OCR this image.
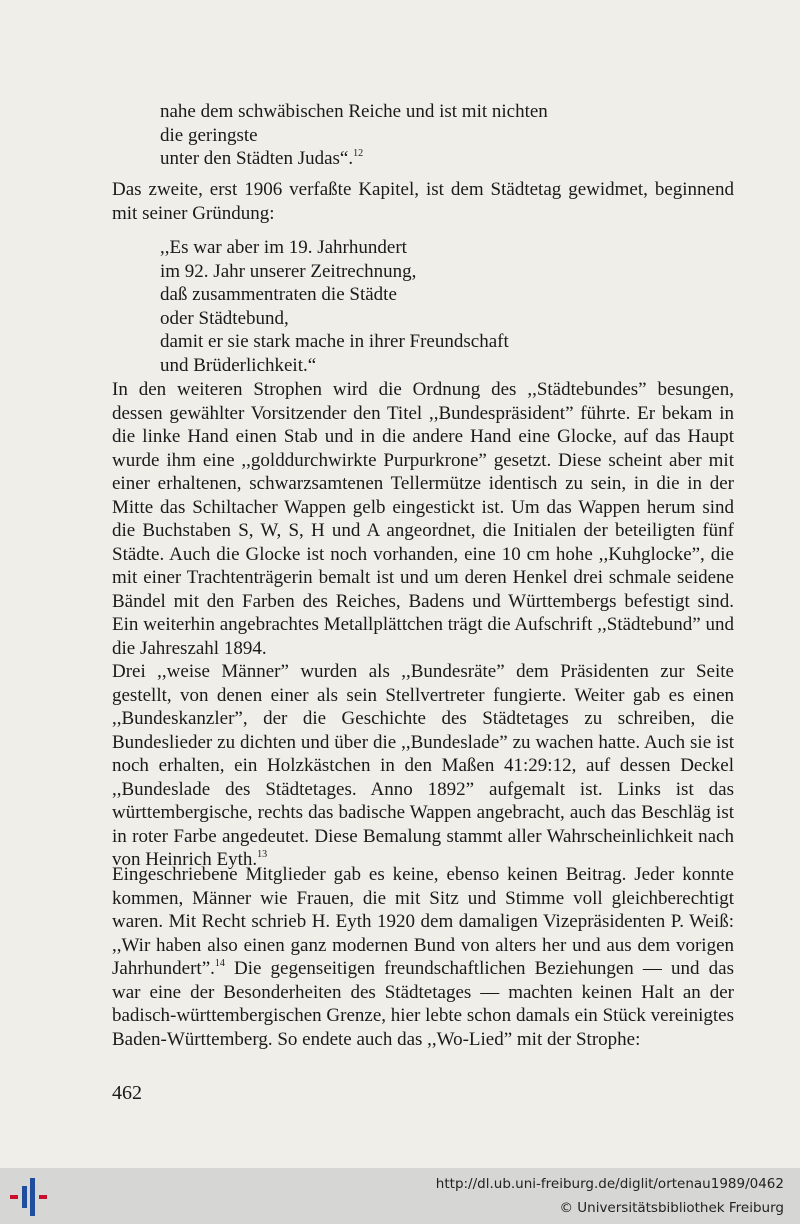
nahe dem schwäbischen Reiche und ist mit nichten
die geringste
unter den Städten Judas“.$^{12}$

Das zweite, erst 1906 verfaßte Kapitel, ist dem Städtetag gewidmet, beginnend mit seiner Gründung:

,,Es war aber im 19. Jahrhundert
im 92. Jahr unserer Zeitrechnung,
daß zusammentraten die Städte
oder Städtebund,
damit er sie stark mache in ihrer Freundschaft
und Brüderlichkeit.“

In den weiteren Strophen wird die Ordnung des ,,Städtebundes” besungen, dessen gewählter Vorsitzender den Titel ,,Bundespräsident” führte. Er bekam in die linke Hand einen Stab und in die andere Hand eine Glocke, auf das Haupt wurde ihm eine ,,golddurchwirkte Purpurkrone” gesetzt. Diese scheint aber mit einer erhaltenen, schwarzsamtenen Tellermütze identisch zu sein, in die in der Mitte das Schiltacher Wappen gelb eingestickt ist. Um das Wappen herum sind die Buchstaben S, W, S, H und A angeordnet, die Initialen der beteiligten fünf Städte. Auch die Glocke ist noch vorhanden, eine 10 cm hohe ,,Kuhglocke”, die mit einer Trachtenträgerin bemalt ist und um deren Henkel drei schmale seidene Bändel mit den Farben des Reiches, Badens und Württembergs befestigt sind. Ein weiterhin angebrachtes Metallplättchen trägt die Aufschrift ,,Städtebund” und die Jahreszahl 1894.

Drei ,,weise Männer” wurden als ,,Bundesräte” dem Präsidenten zur Seite gestellt, von denen einer als sein Stellvertreter fungierte. Weiter gab es einen ,,Bundeskanzler”, der die Geschichte des Städtetages zu schreiben, die Bundeslieder zu dichten und über die ,,Bundeslade” zu wachen hatte. Auch sie ist noch erhalten, ein Holzkästchen in den Maßen 41:29:12, auf dessen Deckel ,,Bundeslade des Städtetages. Anno 1892” aufgemalt ist. Links ist das württembergische, rechts das badische Wappen angebracht, auch das Beschläg ist in roter Farbe angedeutet. Diese Bemalung stammt aller Wahrscheinlichkeit nach von Heinrich Eyth.$^{13}$

Eingeschriebene Mitglieder gab es keine, ebenso keinen Beitrag. Jeder konnte kommen, Männer wie Frauen, die mit Sitz und Stimme voll gleichberechtigt waren. Mit Recht schrieb H. Eyth 1920 dem damaligen Vizepräsidenten P. Weiß: ,,Wir haben also einen ganz modernen Bund von alters her und aus dem vorigen Jahrhundert”.$^{14}$ Die gegenseitigen freundschaftlichen Beziehungen — und das war eine der Besonderheiten des Städtetages — machten keinen Halt an der badisch-württembergischen Grenze, hier lebte schon damals ein Stück vereinigtes Baden-Württemberg. So endete auch das ,,Wo-Lied” mit der Strophe:

462
http://dl.ub.uni-freiburg.de/diglit/ortenau1989/0462
© Universitätsbibliothek Freiburg
